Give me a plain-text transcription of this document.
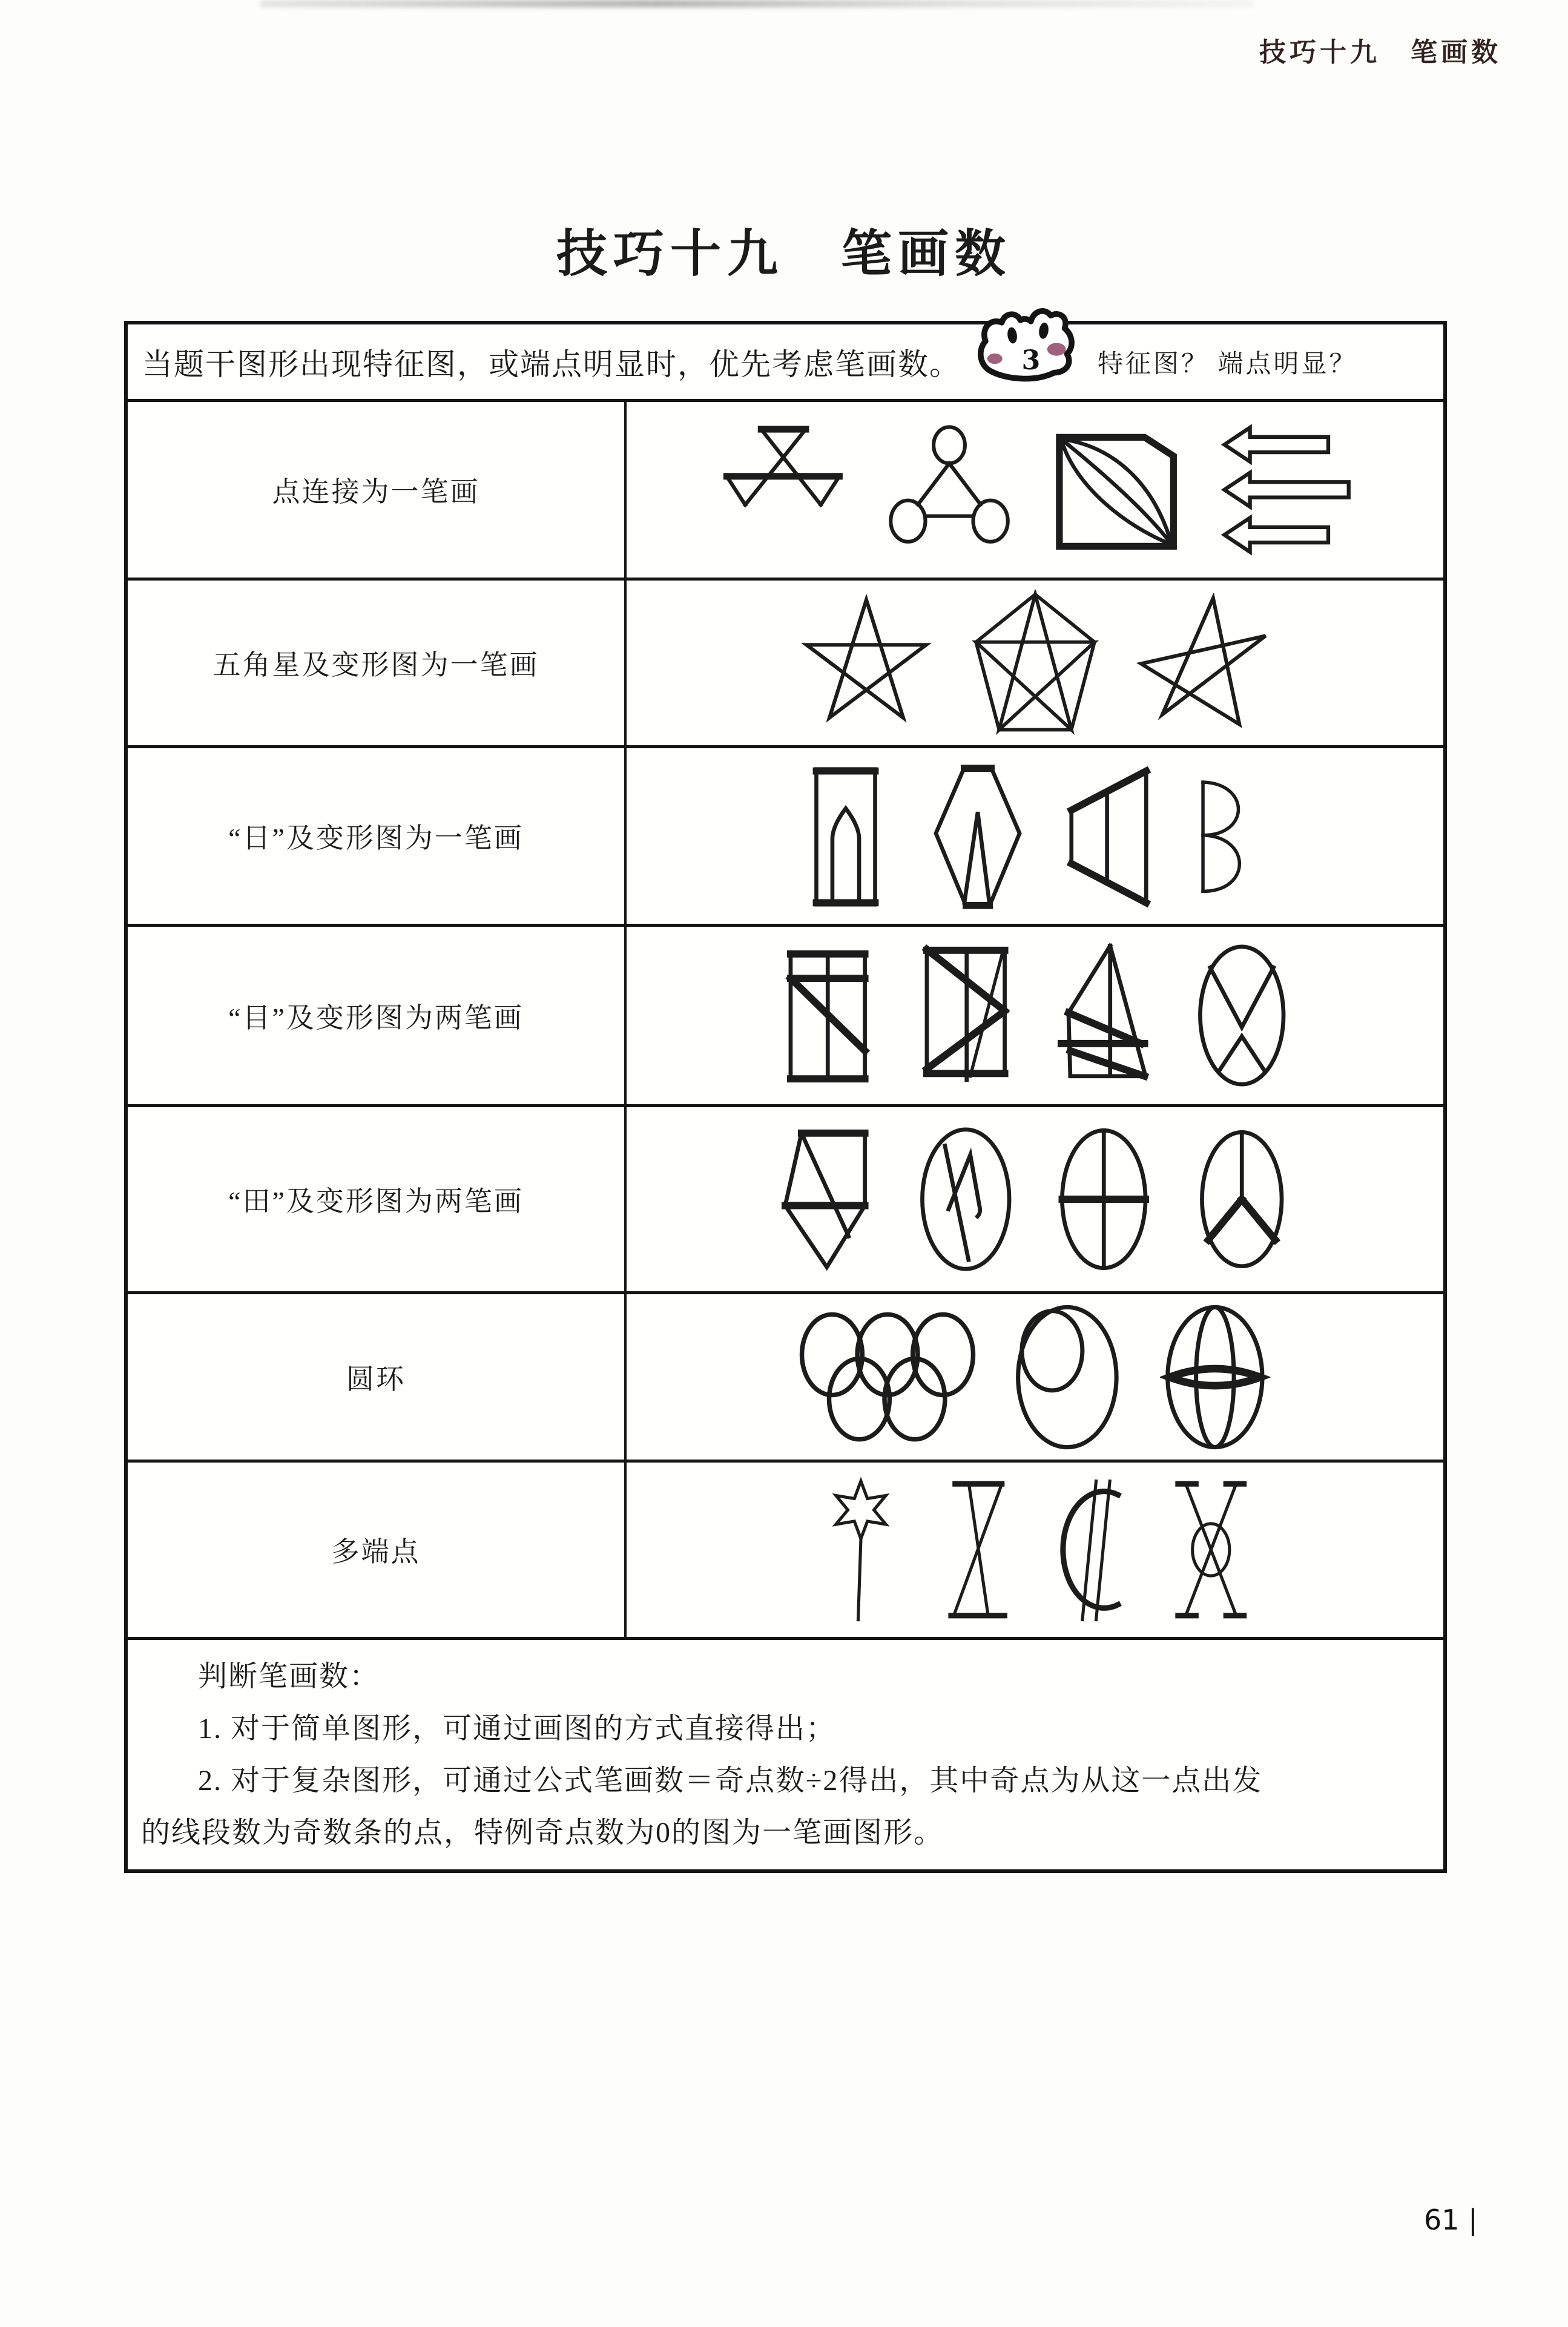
技巧十九　笔画数
技巧十九　笔画数
当题干图形出现特征图，或端点明显时，优先考虑笔画数。 3 特征图？ 端点明显？
点连接为一笔画
五角星及变形图为一笔画
“日”及变形图为一笔画
“目”及变形图为两笔画
“田”及变形图为两笔画
圆环
多端点
判断笔画数：
1. 对于简单图形，可通过画图的方式直接得出；
2. 对于复杂图形，可通过公式笔画数＝奇点数÷2得出，其中奇点为从这一点出发
的线段数为奇数条的点，特例奇点数为0的图为一笔画图形。
61 |
